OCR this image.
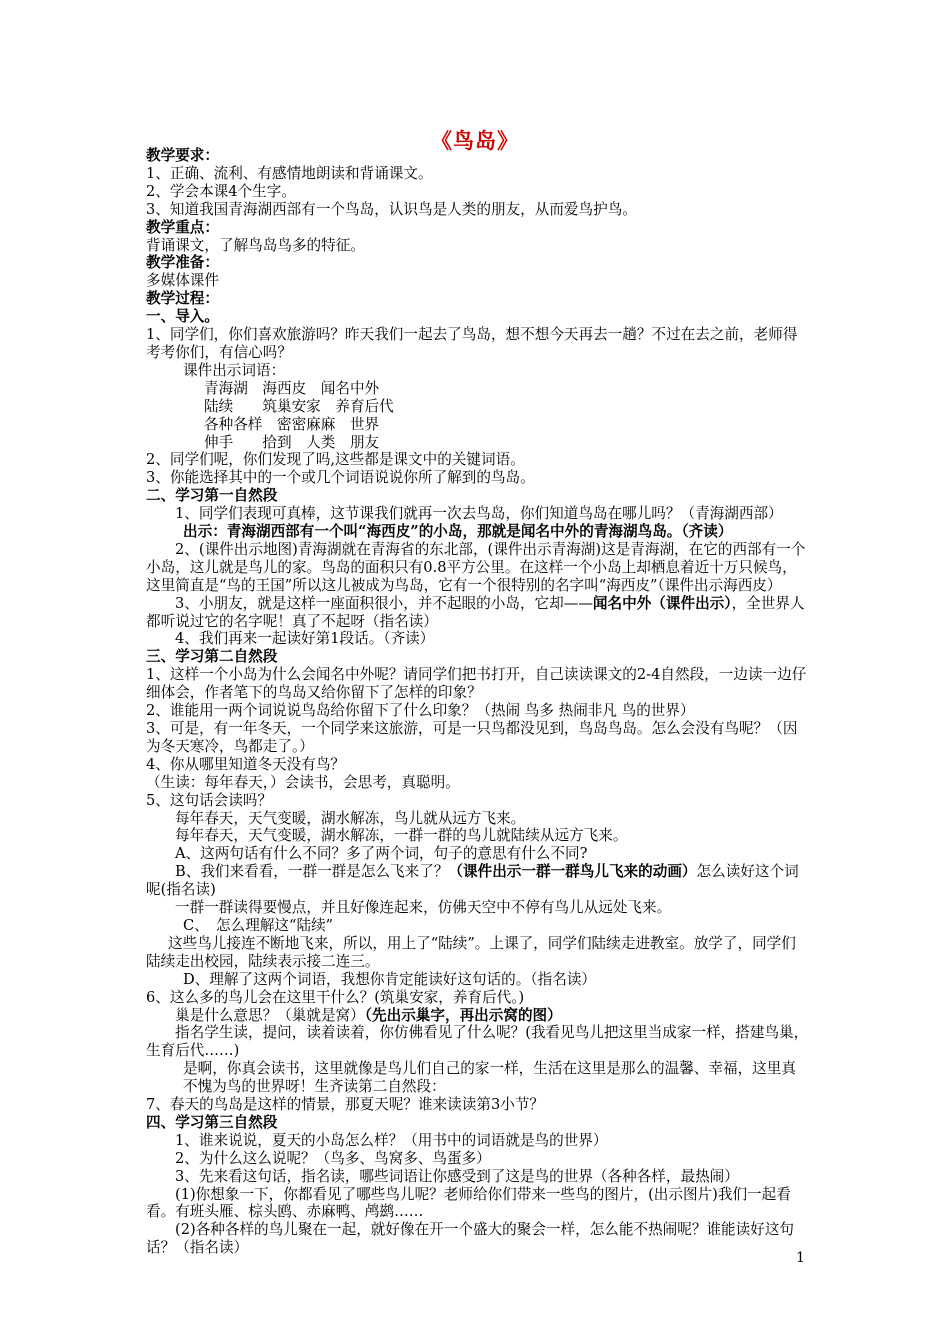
《鸟岛》

教学要求：

1、正确、流利、有感情地朗读和背诵课文。

2、学会本课4个生字。

3、知道我国青海湖西部有一个鸟岛，认识鸟是人类的朋友，从而爱鸟护鸟。

教学重点：

背诵课文，了解鸟岛鸟多的特征。

教学准备：

多媒体课件

教学过程：

一、导入。

1、同学们，你们喜欢旅游吗？昨天我们一起去了鸟岛，想不想今天再去一趟？不过在去之前，老师得考考你们，有信心吗？

课件出示词语：

青海湖　海西皮　闻名中外

陆续　　筑巢安家　养育后代

各种各样　密密麻麻　世界

伸手　　拾到　人类　朋友

2、同学们呢，你们发现了吗,这些都是课文中的关键词语。

3、你能选择其中的一个或几个词语说说你所了解到的鸟岛。

二、学习第一自然段

1、同学们表现可真棒，这节课我们就再一次去鸟岛，你们知道鸟岛在哪儿吗？（青海湖西部）

出示：青海湖西部有一个叫“海西皮”的小岛，那就是闻名中外的青海湖鸟岛。（齐读）

2、(课件出示地图)青海湖就在青海省的东北部，(课件出示青海湖)这是青海湖，在它的西部有一个小岛，这儿就是鸟儿的家。鸟岛的面积只有0.8平方公里。在这样一个小岛上却栖息着近十万只候鸟，这里简直是“鸟的王国”所以这儿被成为鸟岛，它有一个很特别的名字叫“海西皮”（课件出示海西皮）

3、小朋友，就是这样一座面积很小，并不起眼的小岛，它却——闻名中外（课件出示），全世界人都听说过它的名字呢！真了不起呀（指名读）

4、我们再来一起读好第1段话。（齐读）

三、学习第二自然段

1、这样一个小岛为什么会闻名中外呢？请同学们把书打开，自己读读课文的2-4自然段，一边读一边仔细体会，作者笔下的鸟岛又给你留下了怎样的印象？

2、谁能用一两个词说说鸟岛给你留下了什么印象？（热闹 鸟多 热闹非凡 鸟的世界）

3、可是，有一年冬天，一个同学来这旅游，可是一只鸟都没见到，鸟岛鸟岛。怎么会没有鸟呢？（因为冬天寒冷，鸟都走了。）

4、你从哪里知道冬天没有鸟？

（生读：每年春天，）会读书，会思考，真聪明。

5、这句话会读吗？

每年春天，天气变暖，湖水解冻，鸟儿就从远方飞来。

每年春天，天气变暖，湖水解冻，一群一群的鸟儿就陆续从远方飞来。

A、这两句话有什么不同？多了两个词，句子的意思有什么不同?

B、我们来看看，一群一群是怎么飞来了？（课件出示一群一群鸟儿飞来的动画）怎么读好这个词呢(指名读)

一群一群读得要慢点，并且好像连起来，仿佛天空中不停有鸟儿从远处飞来。

C、　怎么理解这“陆续”

这些鸟儿接连不断地飞来，所以，用上了“陆续”。上课了，同学们陆续走进教室。放学了，同学们陆续走出校园，陆续表示接二连三。

D、理解了这两个词语，我想你肯定能读好这句话的。（指名读）

6、这么多的鸟儿会在这里干什么？(筑巢安家，养育后代。)

巢是什么意思？（巢就是窝）（先出示巢字，再出示窝的图）

指名学生读，提问，读着读着，你仿佛看见了什么呢？(我看见鸟儿把这里当成家一样，搭建鸟巢，生育后代……)

是啊，你真会读书，这里就像是鸟儿们自己的家一样，生活在这里是那么的温馨、幸福，这里真不愧为鸟的世界呀！生齐读第二自然段：

7、春天的鸟岛是这样的情景，那夏天呢？谁来读读第3小节？

四、学习第三自然段

1、谁来说说，夏天的小岛怎么样？（用书中的词语就是鸟的世界）

2、为什么这么说呢？（鸟多、鸟窝多、鸟蛋多）

3、先来看这句话，指名读，哪些词语让你感受到了这是鸟的世界（各种各样，最热闹）

(1)你想象一下，你都看见了哪些鸟儿呢？老师给你们带来一些鸟的图片，(出示图片)我们一起看看。有班头雁、棕头鸥、赤麻鸭、鸬鹚……

(2)各种各样的鸟儿聚在一起，就好像在开一个盛大的聚会一样，怎么能不热闹呢？谁能读好这句话？（指名读）

1
